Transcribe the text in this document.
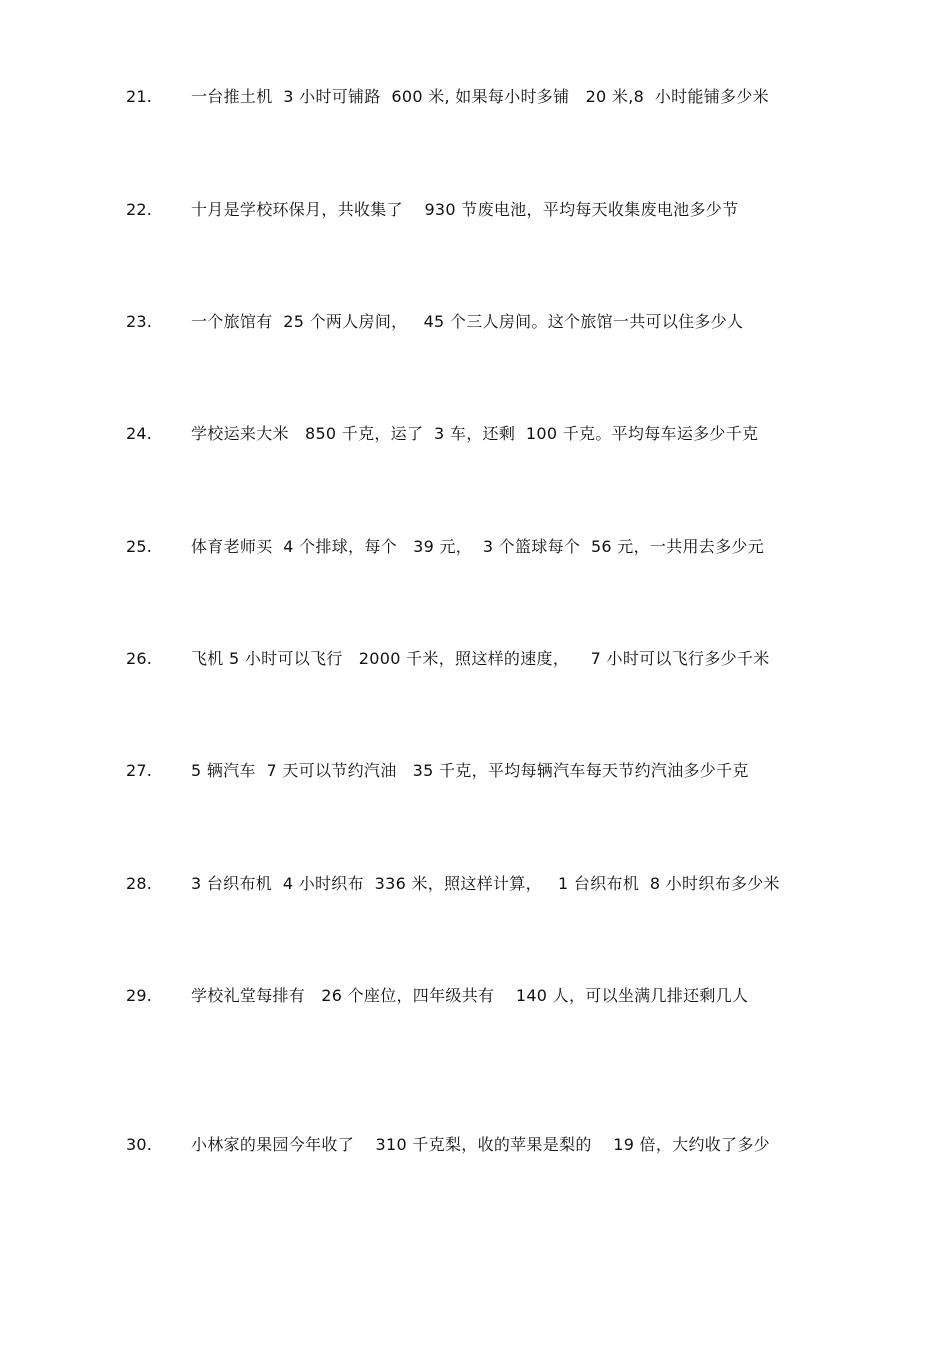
21. 一台推土机  3 小时可铺路  600 米, 如果每小时多铺   20 米,8  小时能铺多少米
22. 十月是学校环保月，共收集了    930 节废电池，平均每天收集废电池多少节
23. 一个旅馆有  25 个两人房间，   45 个三人房间。这个旅馆一共可以住多少人
24. 学校运来大米   850 千克，运了  3 车，还剩  100 千克。平均每车运多少千克
25. 体育老师买  4 个排球，每个   39 元，  3 个篮球每个  56 元，一共用去多少元
26. 飞机 5 小时可以飞行   2000 千米，照这样的速度，    7 小时可以飞行多少千米
27. 5 辆汽车  7 天可以节约汽油   35 千克，平均每辆汽车每天节约汽油多少千克
28. 3 台织布机  4 小时织布  336 米，照这样计算，   1 台织布机  8 小时织布多少米
29. 学校礼堂每排有   26 个座位，四年级共有    140 人，可以坐满几排还剩几人
30. 小林家的果园今年收了    310 千克梨，收的苹果是梨的    19 倍，大约收了多少
